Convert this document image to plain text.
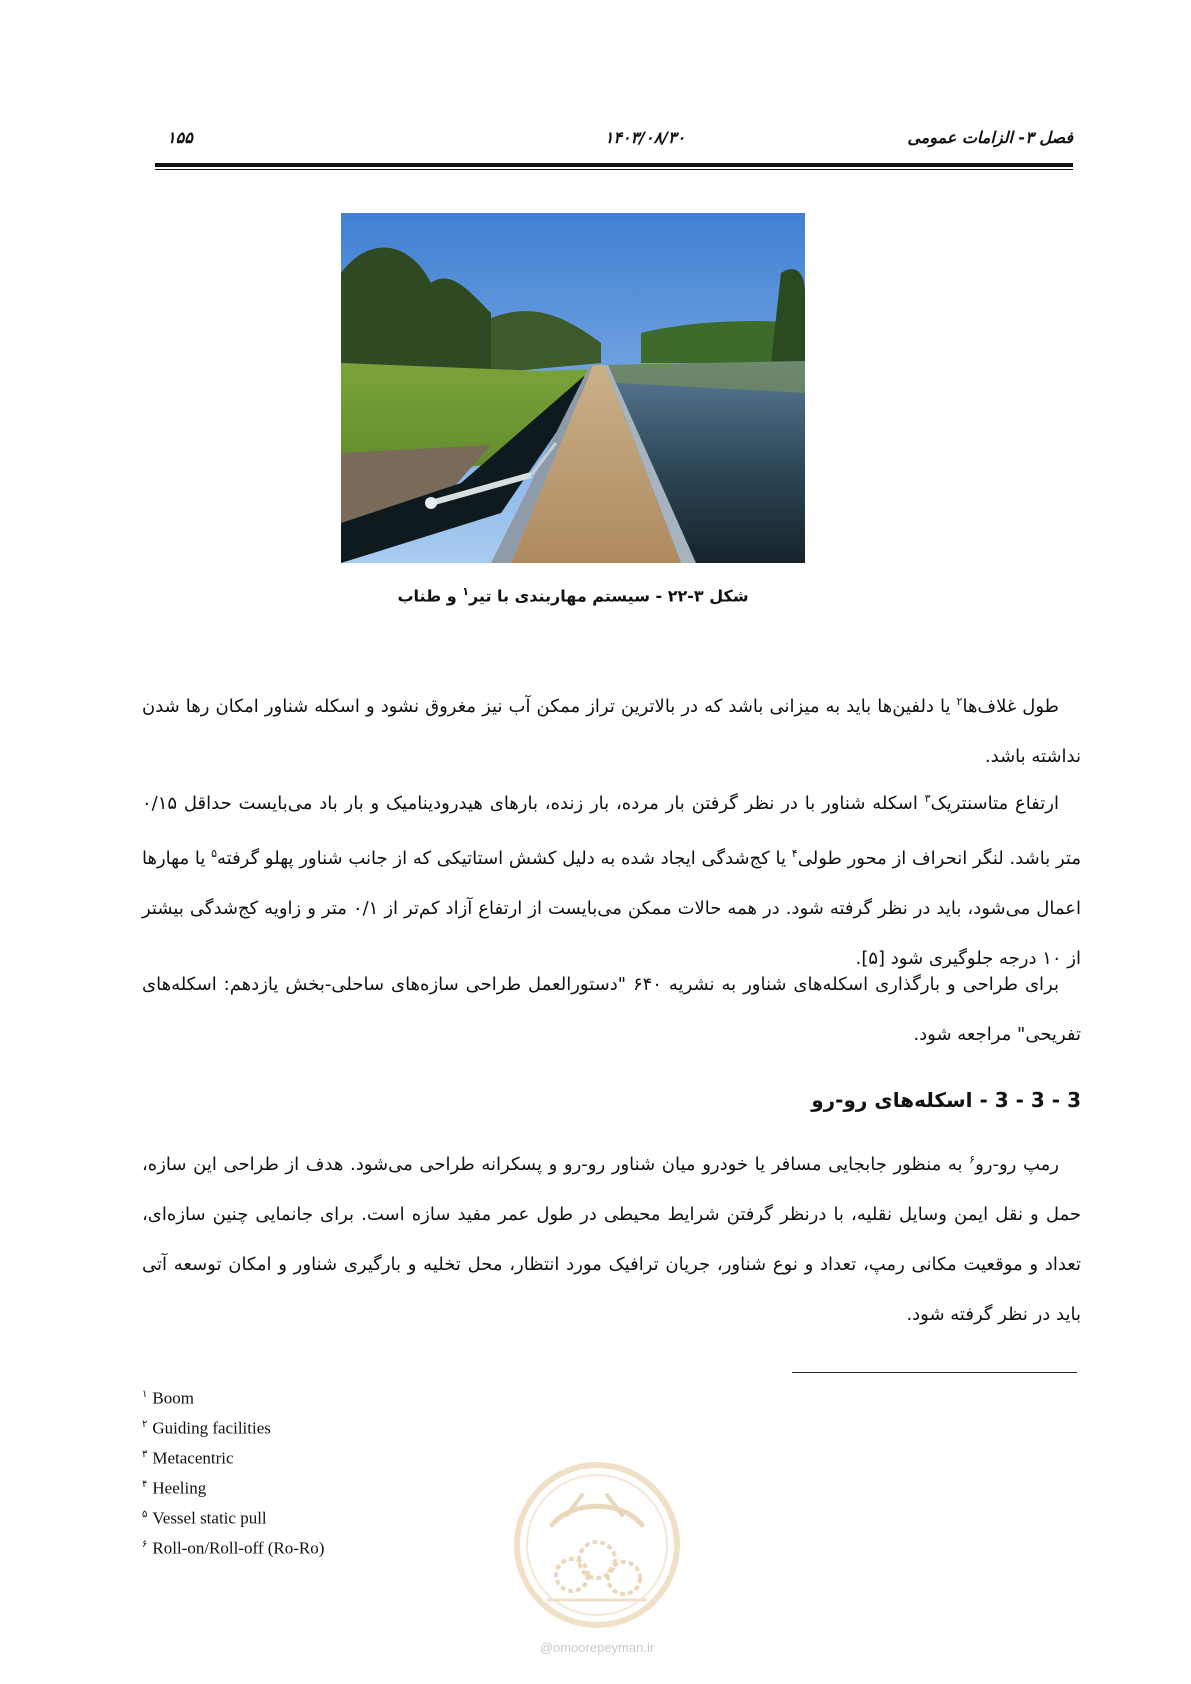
۱۵۵	۱۴۰۳/۰۸/۳۰	فصل ۳- الزامات عمومی
شکل ۳-۲۲ - سیستم مهاربندی با تیر$^۱$ و طناب

طول غلاف‌ها$^۲$ یا دلفین‌ها باید به میزانی باشد که در بالاترین تراز ممکن آب نیز مغروق نشود و اسکله شناور امکان رها شدن نداشته باشد.

ارتفاع متاسنتریک$^۳$ اسکله شناور با در نظر گرفتن بار مرده، بار زنده، بارهای هیدرودینامیک و بار باد می‌بایست حداقل ۰/۱۵ متر باشد. لنگر انحراف از محور طولی$^۴$ یا کج‌شدگی ایجاد شده به دلیل کشش استاتیکی که از جانب شناور پهلو گرفته$^۵$ یا مهارها اعمال می‌شود، باید در نظر گرفته شود. در همه حالات ممکن می‌بایست از ارتفاع آزاد کم‌تر از ۰/۱ متر و زاویه کج‌شدگی بیشتر از ۱۰ درجه جلوگیری شود [۵].

برای طراحی و بارگذاری اسکله‌های شناور به نشریه ۶۴۰ "دستورالعمل طراحی سازه‌های ساحلی-بخش یازدهم: اسکله‌های تفریحی" مراجعه شود.

3 - 3 - 3 - اسکله‌های رو-رو

رمپ رو-رو$^۶$ به منظور جابجایی مسافر یا خودرو میان شناور رو-رو و پسکرانه طراحی می‌شود. هدف از طراحی این سازه، حمل و نقل ایمن وسایل نقلیه، با درنظر گرفتن شرایط محیطی در طول عمر مفید سازه است. برای جانمایی چنین سازه‌ای، تعداد و موقعیت مکانی رمپ، تعداد و نوع شناور، جریان ترافیک مورد انتظار، محل تخلیه و بارگیری شناور و امکان توسعه آتی باید در نظر گرفته شود.

$^۱$ Boom
$^۲$ Guiding facilities
$^۳$ Metacentric
$^۴$ Heeling
$^۵$ Vessel static pull
$^۶$ Roll-on/Roll-off (Ro-Ro)
@omoorepeyman.ir
